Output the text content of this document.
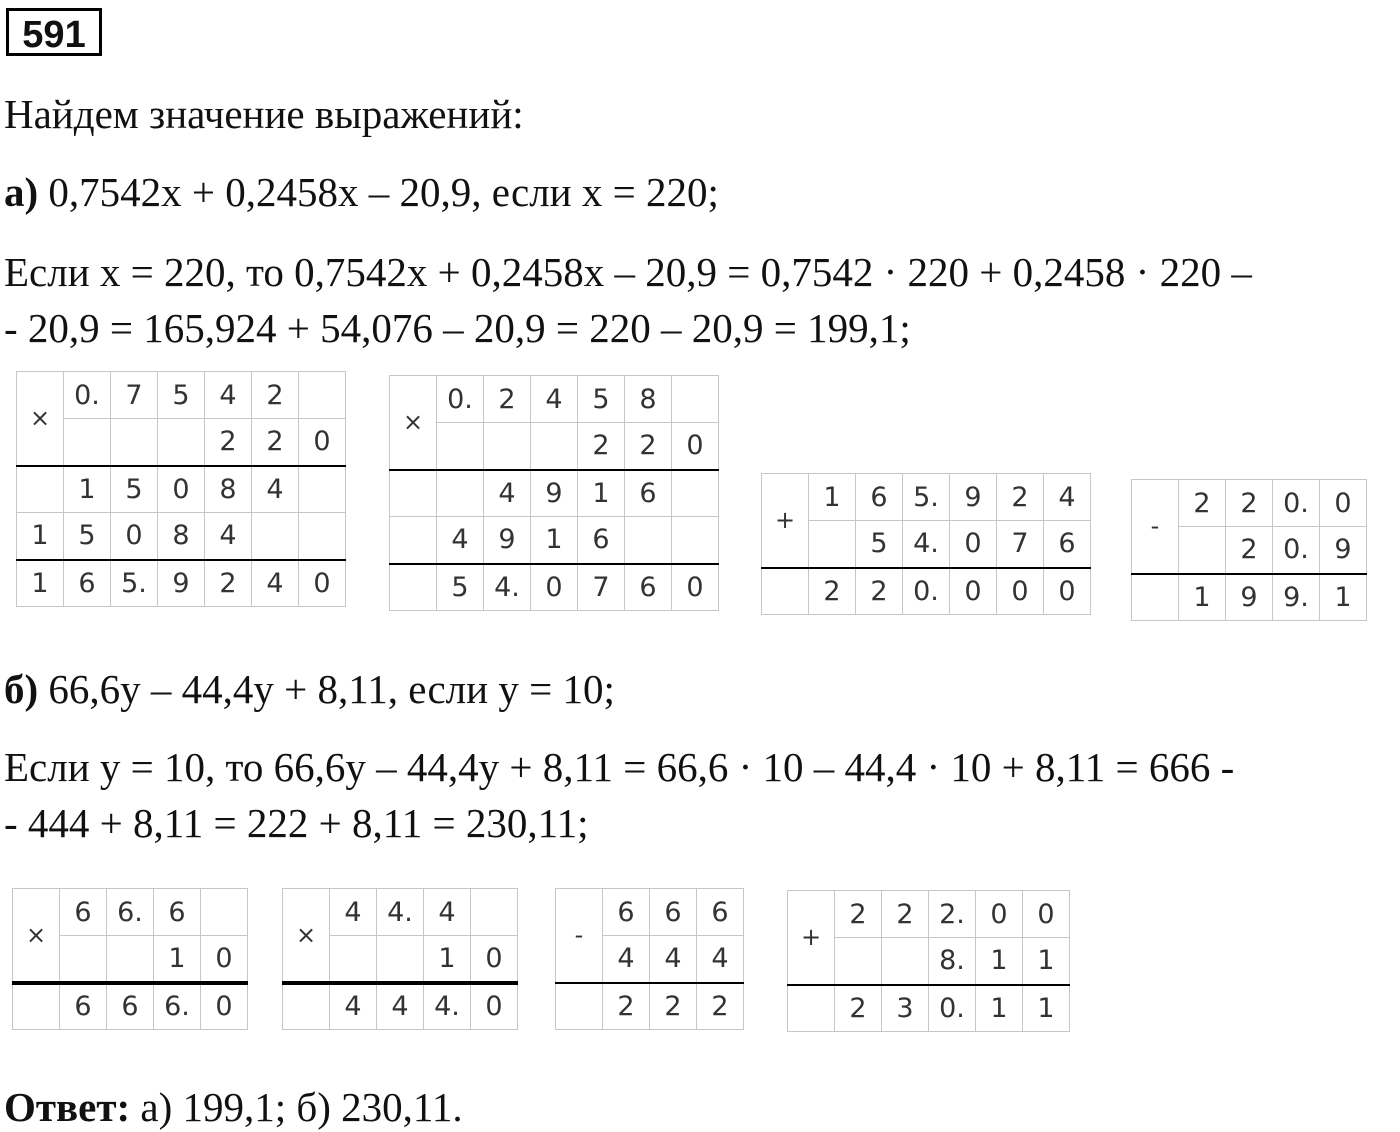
591
Найдем значение выражений:
а) 0,7542x + 0,2458x – 20,9, если x = 220;
Если x = 220, то 0,7542x + 0,2458x – 20,9 = 0,7542 · 220 + 0,2458 · 220 –
- 20,9 = 165,924 + 54,076 – 20,9 = 220 – 20,9 = 199,1;
×	0.	7	5	4	2	
				2	2	0
	1	5	0	8	4	
1	5	0	8	4		
1	6	5.	9	2	4	0
×	0.	2	4	5	8	
				2	2	0
		4	9	1	6	
	4	9	1	6		
	5	4.	0	7	6	0
+	1	6	5.	9	2	4
		5	4.	0	7	6
	2	2	0.	0	0	0
-	2	2	0.	0
		2	0.	9
	1	9	9.	1
б) 66,6y – 44,4y + 8,11, если y = 10;
Если y = 10, то 66,6y – 44,4y + 8,11 = 66,6 · 10 – 44,4 · 10 + 8,11 = 666 -
- 444 + 8,11 = 222 + 8,11 = 230,11;
×	6	6.	6	
			1	0
	6	6	6.	0
×	4	4.	4	
			1	0
	4	4	4.	0
-	6	6	6
	4	4	4
	2	2	2
+	2	2	2.	0	0
			8.	1	1
	2	3	0.	1	1
Ответ: а) 199,1; б) 230,11.
